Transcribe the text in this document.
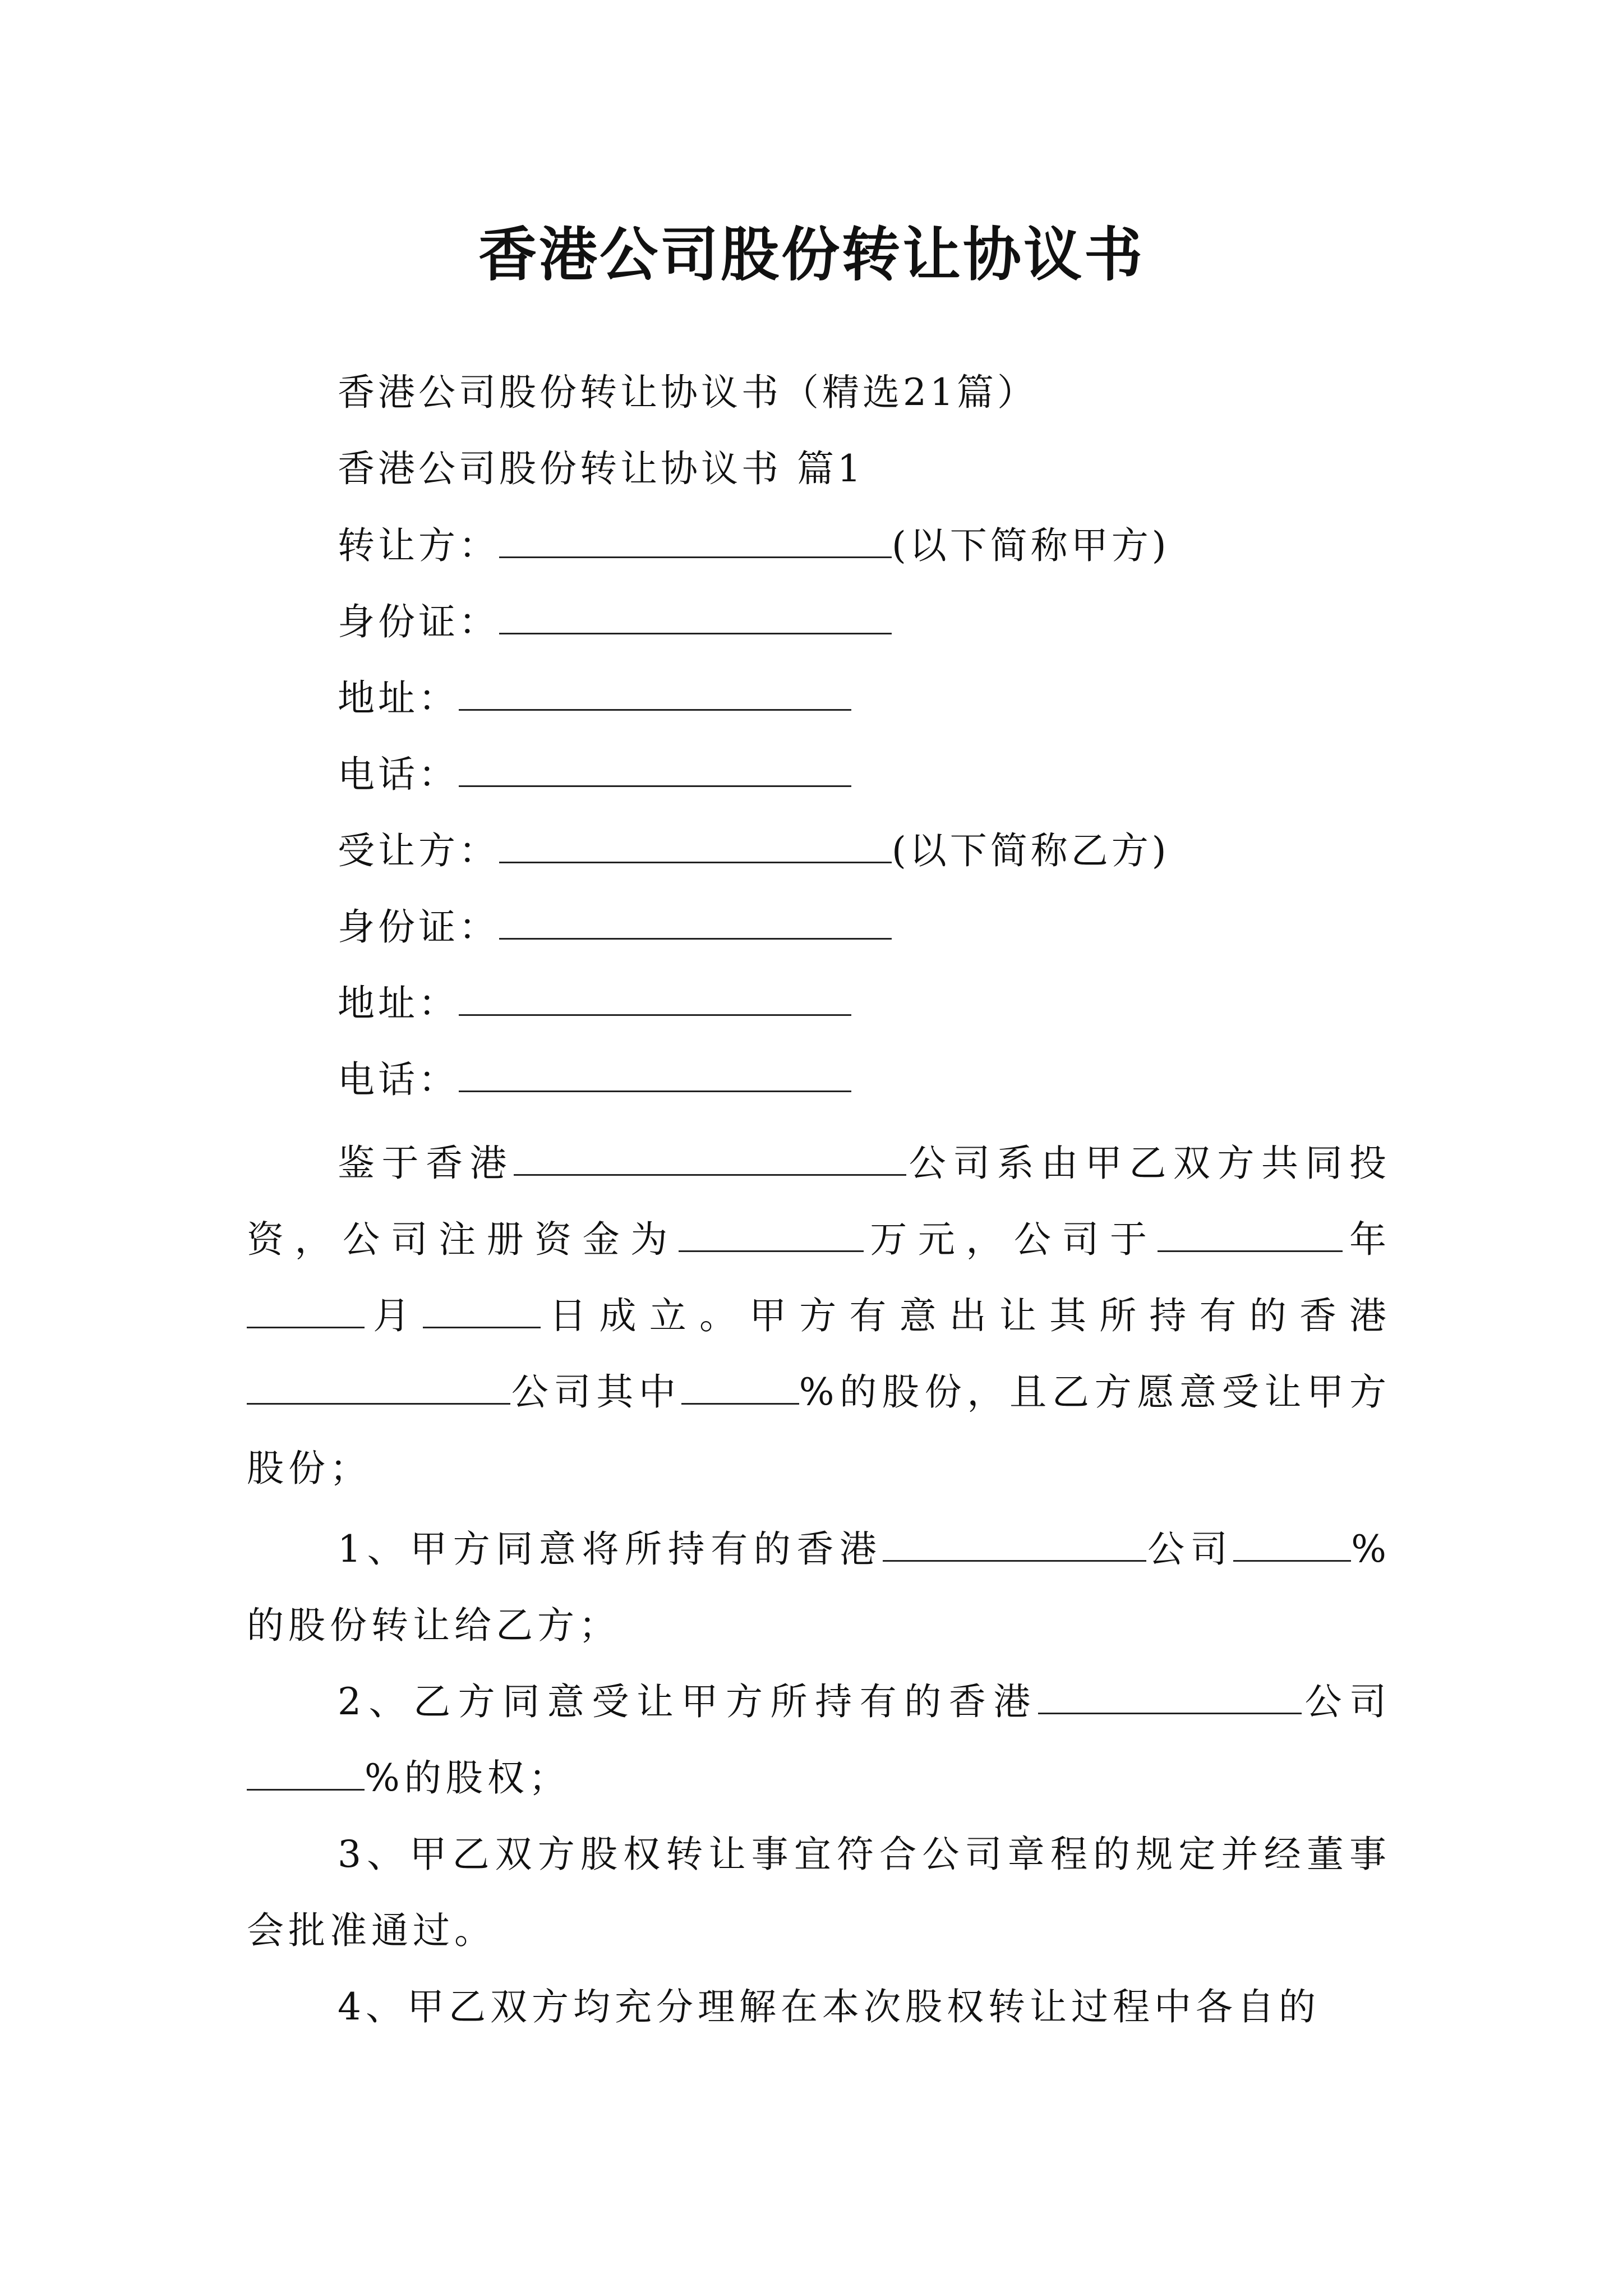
香港公司股份转让协议书
香港公司股份转让协议书（精选21篇）
香港公司股份转让协议书 篇1
转让方：	(以下简称甲方)
身份证：
地址：
电话：
受让方：	(以下简称乙方)
身份证：
地址：
电话：
鉴于香港	公司系由甲乙双方共同投资，公司注册资金为	万元，公司于	年月	日成立。甲方有意出让其所持有的香港公司其中	%的股份，且乙方愿意受让甲方股份；
1、甲方同意将所持有的香港	公司	%的股份转让给乙方；
2、乙方同意受让甲方所持有的香港	公司%的股权；
3、甲乙双方股权转让事宜符合公司章程的规定并经董事会批准通过。
4、甲乙双方均充分理解在本次股权转让过程中各自的
